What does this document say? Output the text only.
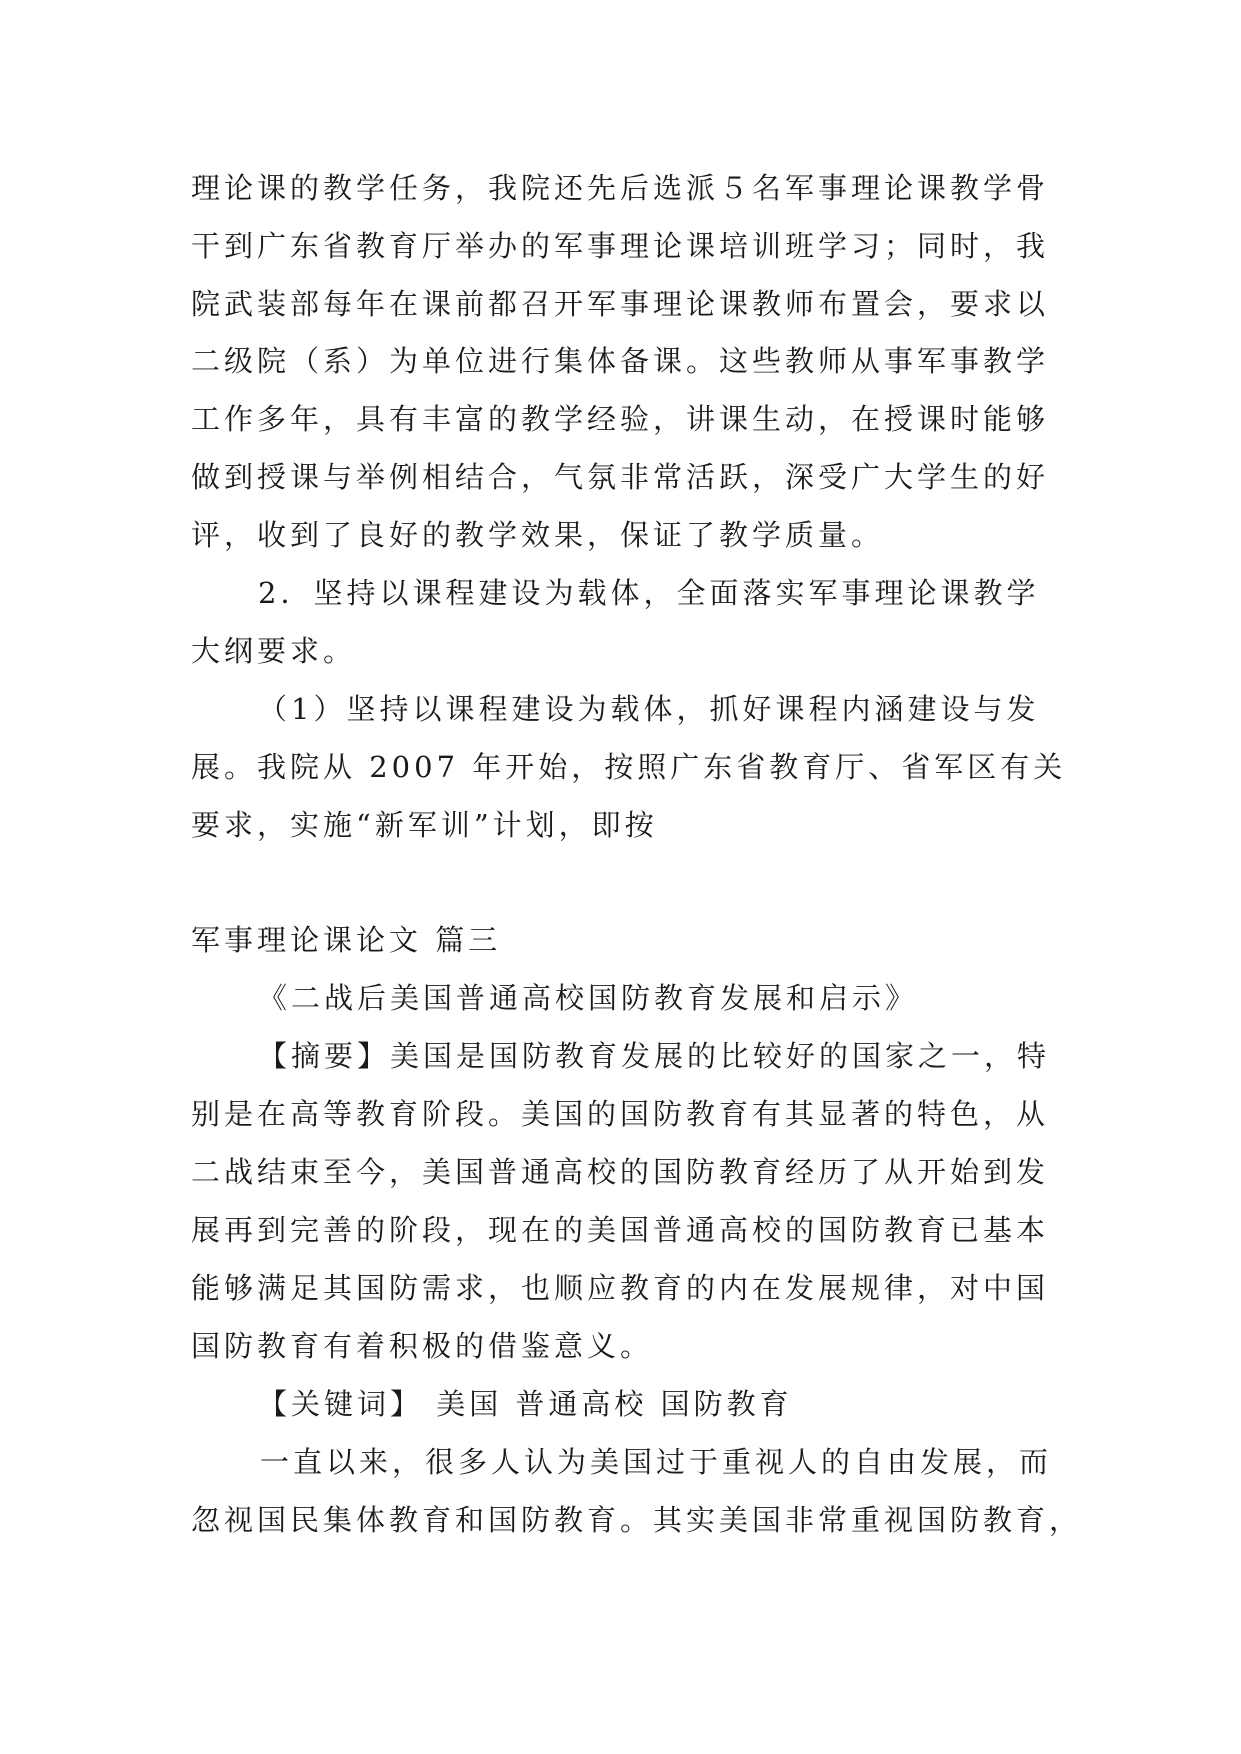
理论课的教学任务，我院还先后选派５名军事理论课教学骨
干到广东省教育厅举办的军事理论课培训班学习；同时，我
院武装部每年在课前都召开军事理论课教师布置会，要求以
二级院（系）为单位进行集体备课。这些教师从事军事教学
工作多年，具有丰富的教学经验，讲课生动，在授课时能够
做到授课与举例相结合，气氛非常活跃，深受广大学生的好
评，收到了良好的教学效果，保证了教学质量。
2．坚持以课程建设为载体，全面落实军事理论课教学
大纲要求。
（1）坚持以课程建设为载体，抓好课程内涵建设与发
展。我院从 2007 年开始，按照广东省教育厅、省军区有关
要求，实施“新军训”计划，即按
军事理论课论文 篇三
《二战后美国普通高校国防教育发展和启示》
【摘要】美国是国防教育发展的比较好的国家之一，特
别是在高等教育阶段。美国的国防教育有其显著的特色，从
二战结束至今，美国普通高校的国防教育经历了从开始到发
展再到完善的阶段，现在的美国普通高校的国防教育已基本
能够满足其国防需求，也顺应教育的内在发展规律，对中国
国防教育有着积极的借鉴意义。
【关键词】 美国 普通高校 国防教育
一直以来，很多人认为美国过于重视人的自由发展，而
忽视国民集体教育和国防教育。其实美国非常重视国防教育，
